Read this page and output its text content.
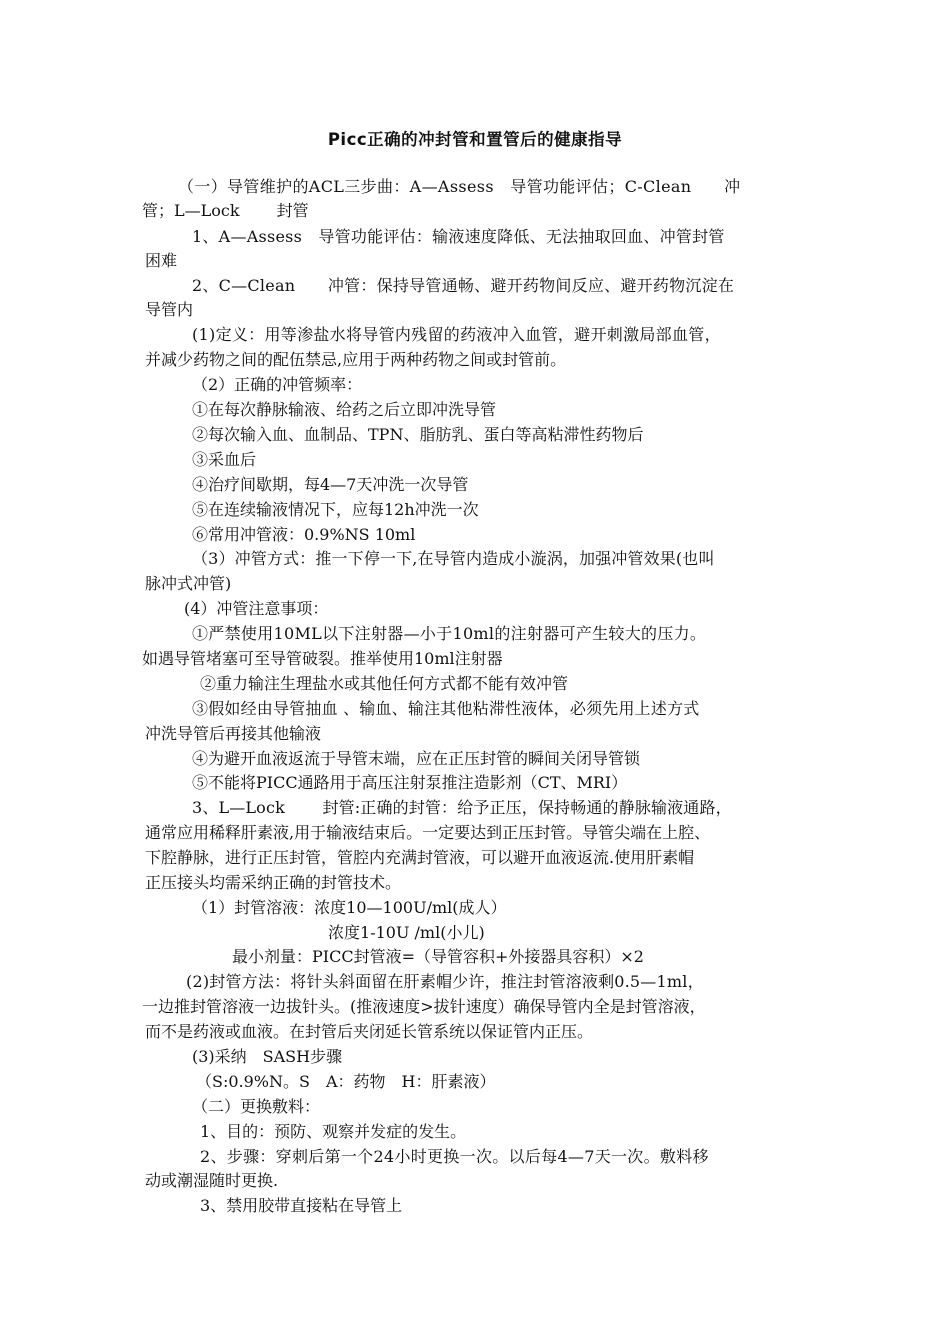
Picc正确的冲封管和置管后的健康指导
（一）导管维护的ACL三步曲：A—Assess　导管功能评估；C-Clean　　冲
管；L—Lock　　 封管
1、A—Assess　导管功能评估：输液速度降低、无法抽取回血、冲管封管
困难
2、C—Clean　　冲管：保持导管通畅、避开药物间反应、避开药物沉淀在
导管内
(1)定义：用等渗盐水将导管内残留的药液冲入血管，避开刺激局部血管，
并减少药物之间的配伍禁忌,应用于两种药物之间或封管前。
（2）正确的冲管频率：
①在每次静脉输液、给药之后立即冲洗导管
②每次输入血、血制品、TPN、脂肪乳、蛋白等高粘滞性药物后
③采血后
④治疗间歇期，每4—7天冲洗一次导管
⑤在连续输液情况下，应每12h冲洗一次
⑥常用冲管液：0.9%NS 10ml
（3）冲管方式：推一下停一下,在导管内造成小漩涡，加强冲管效果(也叫
脉冲式冲管)
(4）冲管注意事项：
①严禁使用10ML以下注射器—小于10ml的注射器可产生较大的压力。
如遇导管堵塞可至导管破裂。推举使用10ml注射器
②重力输注生理盐水或其他任何方式都不能有效冲管
③假如经由导管抽血 、输血、输注其他粘滞性液体，必须先用上述方式
冲洗导管后再接其他输液
④为避开血液返流于导管末端，应在正压封管的瞬间关闭导管锁
⑤不能将PICC通路用于高压注射泵推注造影剂（CT、MRI）
3、L—Lock　　 封管:正确的封管：给予正压，保持畅通的静脉输液通路，
通常应用稀释肝素液,用于输液结束后。一定要达到正压封管。导管尖端在上腔、
下腔静脉，进行正压封管，管腔内充满封管液，可以避开血液返流.使用肝素帽
正压接头均需采纳正确的封管技术。
（1）封管溶液：浓度10—100U/ml(成人）
浓度1-10U /ml(小儿)
最小剂量：PICC封管液=（导管容积+外接器具容积）×2
(2)封管方法：将针头斜面留在肝素帽少许，推注封管溶液剩0.5—1ml，
一边推封管溶液一边拔针头。(推液速度>拔针速度）确保导管内全是封管溶液，
而不是药液或血液。在封管后夹闭延长管系统以保证管内正压。
(3)采纳　SASH步骤
（S:0.9%N。S　A：药物　H：肝素液）
（二）更换敷料：
1、目的：预防、观察并发症的发生。
2、步骤：穿刺后第一个24小时更换一次。以后每4—7天一次。敷料移
动或潮湿随时更换.
3、禁用胶带直接粘在导管上
